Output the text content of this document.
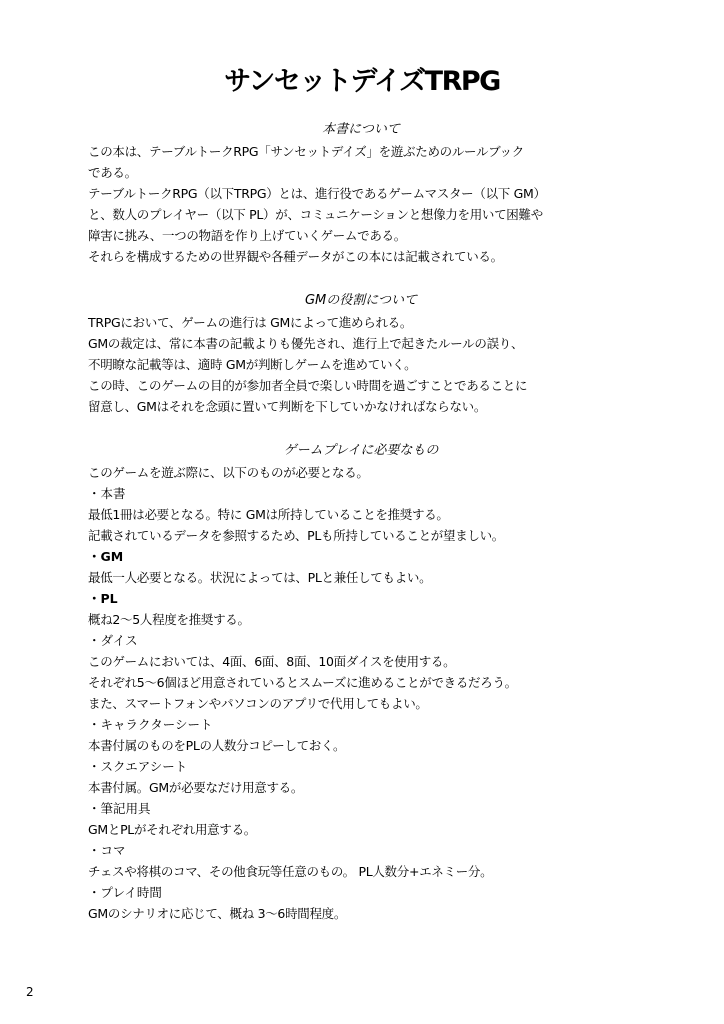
サンセットデイズTRPG
本書について
この本は、テーブルトークRPG「サンセットデイズ」を遊ぶためのルールブック
である。
テーブルトークRPG（以下TRPG）とは、進行役であるゲームマスター（以下 GM）
と、数人のプレイヤー（以下 PL）が、コミュニケーションと想像力を用いて困難や
障害に挑み、一つの物語を作り上げていくゲームである。
それらを構成するための世界観や各種データがこの本には記載されている。
GMの役割について
TRPGにおいて、ゲームの進行は GMによって進められる。
GMの裁定は、常に本書の記載よりも優先され、進行上で起きたルールの誤り、
不明瞭な記載等は、適時 GMが判断しゲームを進めていく。
この時、このゲームの目的が参加者全員で楽しい時間を過ごすことであることに
留意し、GMはそれを念頭に置いて判断を下していかなければならない。
ゲームプレイに必要なもの
このゲームを遊ぶ際に、以下のものが必要となる。
・本書
最低1冊は必要となる。特に GMは所持していることを推奨する。
記載されているデータを参照するため、PLも所持していることが望ましい。
・GM
最低一人必要となる。状況によっては、PLと兼任してもよい。
・PL
概ね2～5人程度を推奨する。
・ダイス
このゲームにおいては、4面、6面、8面、10面ダイスを使用する。
それぞれ5～6個ほど用意されているとスムーズに進めることができるだろう。
また、スマートフォンやパソコンのアプリで代用してもよい。
・キャラクターシート
本書付属のものをPLの人数分コピーしておく。
・スクエアシート
本書付属。GMが必要なだけ用意する。
・筆記用具
GMとPLがそれぞれ用意する。
・コマ
チェスや将棋のコマ、その他食玩等任意のもの。 PL人数分+エネミー分。
・プレイ時間
GMのシナリオに応じて、概ね 3～6時間程度。
2
